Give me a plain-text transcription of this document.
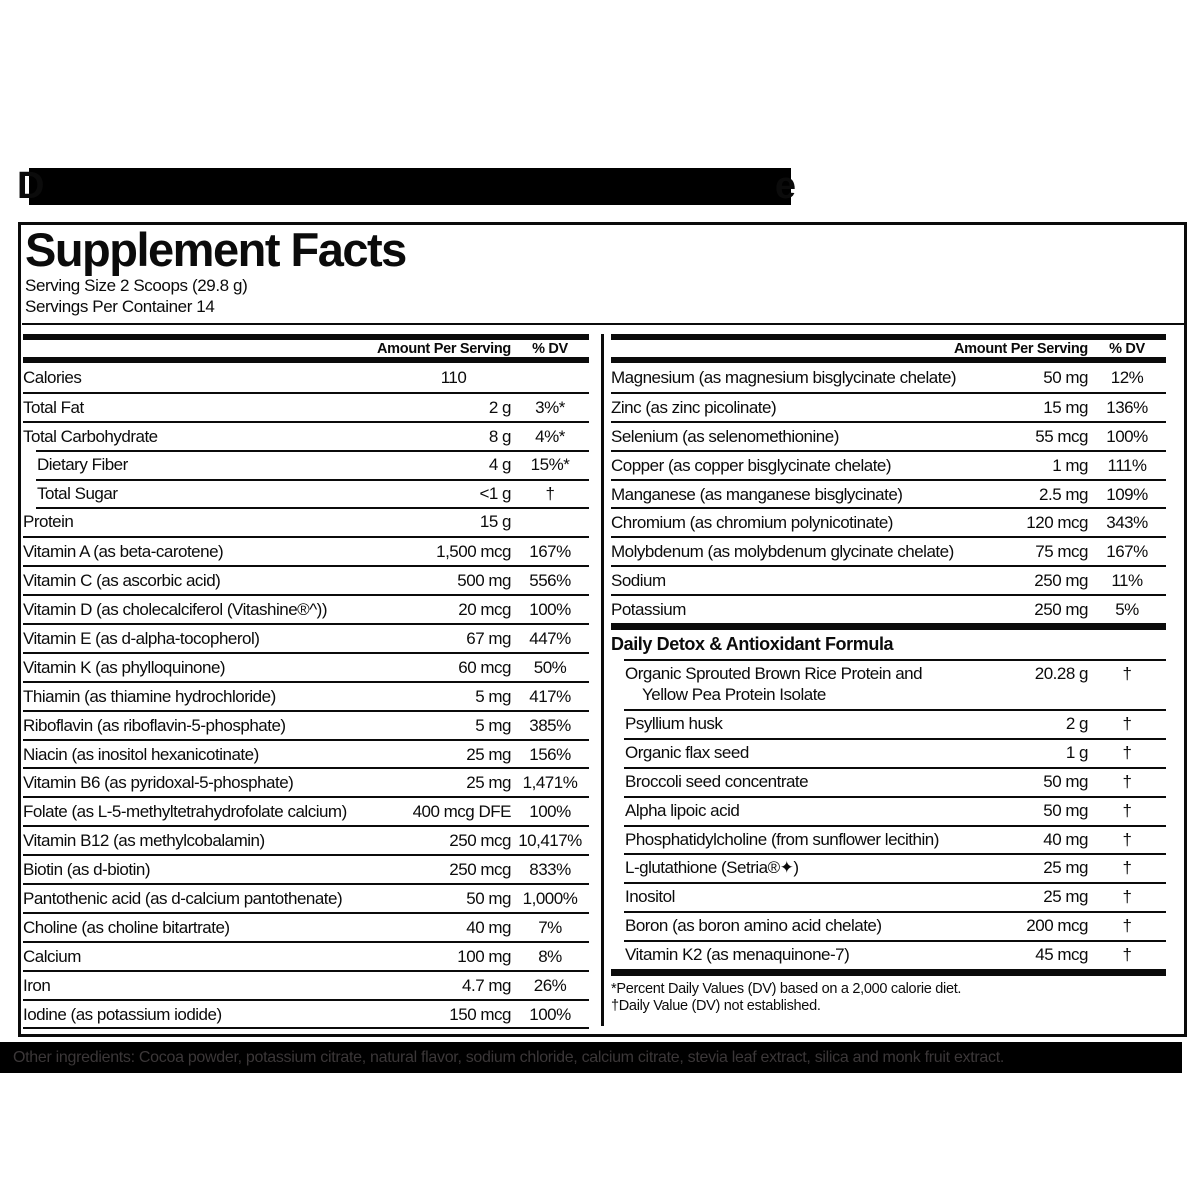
D	e
Supplement Facts
Serving Size 2 Scoops (29.8 g)
Servings Per Container 14
Amount Per Serving	% DV
Calories	110
Total Fat	2 g	3%*
Total Carbohydrate	8 g	4%*
Dietary Fiber	4 g	15%*
Total Sugar	<1 g	†
Protein	15 g
Vitamin A (as beta-carotene)	1,500 mcg	167%
Vitamin C (as ascorbic acid)	500 mg	556%
Vitamin D (as cholecalciferol (Vitashine®^))	20 mcg	100%
Vitamin E (as d-alpha-tocopherol)	67 mg	447%
Vitamin K (as phylloquinone)	60 mcg	50%
Thiamin (as thiamine hydrochloride)	5 mg	417%
Riboflavin (as riboflavin-5-phosphate)	5 mg	385%
Niacin (as inositol hexanicotinate)	25 mg	156%
Vitamin B6 (as pyridoxal-5-phosphate)	25 mg 1,471%
Folate (as L-5-methyltetrahydrofolate calcium)	400 mcg DFE	100%
Vitamin B12 (as methylcobalamin)	250 mcg 10,417%
Biotin (as d-biotin)	250 mcg	833%
Pantothenic acid (as d-calcium pantothenate)	50 mg 1,000%
Choline (as choline bitartrate)	40 mg	7%
Calcium	100 mg	8%
Iron	4.7 mg	26%
Iodine (as potassium iodide)	150 mcg	100%
Amount Per Serving	% DV
Magnesium (as magnesium bisglycinate chelate)	50 mg	12%
Zinc (as zinc picolinate)	15 mg	136%
Selenium (as selenomethionine)	55 mcg	100%
Copper (as copper bisglycinate chelate)	1 mg	111%
Manganese (as manganese bisglycinate)	2.5 mg	109%
Chromium (as chromium polynicotinate)	120 mcg	343%
Molybdenum (as molybdenum glycinate chelate)	75 mcg	167%
Sodium	250 mg	11%
Potassium	250 mg	5%
Daily Detox & Antioxidant Formula
Organic Sprouted Brown Rice Protein and
Yellow Pea Protein Isolate
20.28 g	†
Psyllium husk	2 g	†
Organic flax seed	1 g	†
Broccoli seed concentrate	50 mg	†
Alpha lipoic acid	50 mg	†
Phosphatidylcholine (from sunflower lecithin)	40 mg	†
L-glutathione (Setria®✦)	25 mg	†
Inositol	25 mg	†
Boron (as boron amino acid chelate)	200 mcg	†
Vitamin K2 (as menaquinone-7)	45 mcg	†
*Percent Daily Values (DV) based on a 2,000 calorie diet.
†Daily Value (DV) not established.
Other ingredients: Cocoa powder, potassium citrate, natural flavor, sodium chloride, calcium citrate, stevia leaf extract, silica and monk fruit extract.
